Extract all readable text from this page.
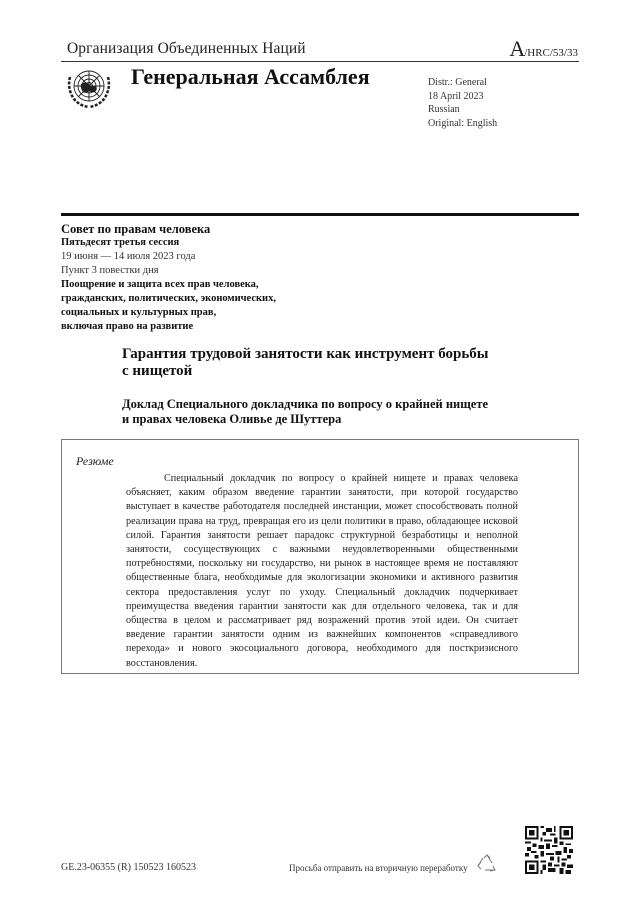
Организация Объединенных Наций	A/HRC/53/33
Генеральная Ассамблея	Distr.: General
18 April 2023
Russian
Original: English
Совет по правам человека
Пятьдесят третья сессия
19 июня — 14 июля 2023 года
Пункт 3 повестки дня
Поощрение и защита всех прав человека,
гражданских, политических, экономических,
социальных и культурных прав,
включая право на развитие
Гарантия трудовой занятости как инструмент борьбы
с нищетой
Доклад Специального докладчика по вопросу о крайней нищете
и правах человека Оливье де Шуттера
Резюме

Специальный докладчик по вопросу о крайней нищете и правах человека объясняет, каким образом введение гарантии занятости, при которой государство выступает в качестве работодателя последней инстанции, может способствовать полной реализации права на труд, превращая его из цели политики в право, обладающее исковой силой. Гарантия занятости решает парадокс структурной безработицы и неполной занятости, сосуществующих с важными неудовлетворенными общественными потребностями, поскольку ни государство, ни рынок в настоящее время не поставляют общественные блага, необходимые для экологизации экономики и активного развития сектора предоставления услуг по уходу. Специальный докладчик подчеркивает преимущества введения гарантии занятости как для отдельного человека, так и для общества в целом и рассматривает ряд возражений против этой идеи. Он считает введение гарантии занятости одним из важнейших компонентов «справедливого перехода» и нового экосоциального договора, необходимого для посткризисного восстановления.

GE.23-06355 (R) 150523 160523	Просьба отправить на вторичную переработку
